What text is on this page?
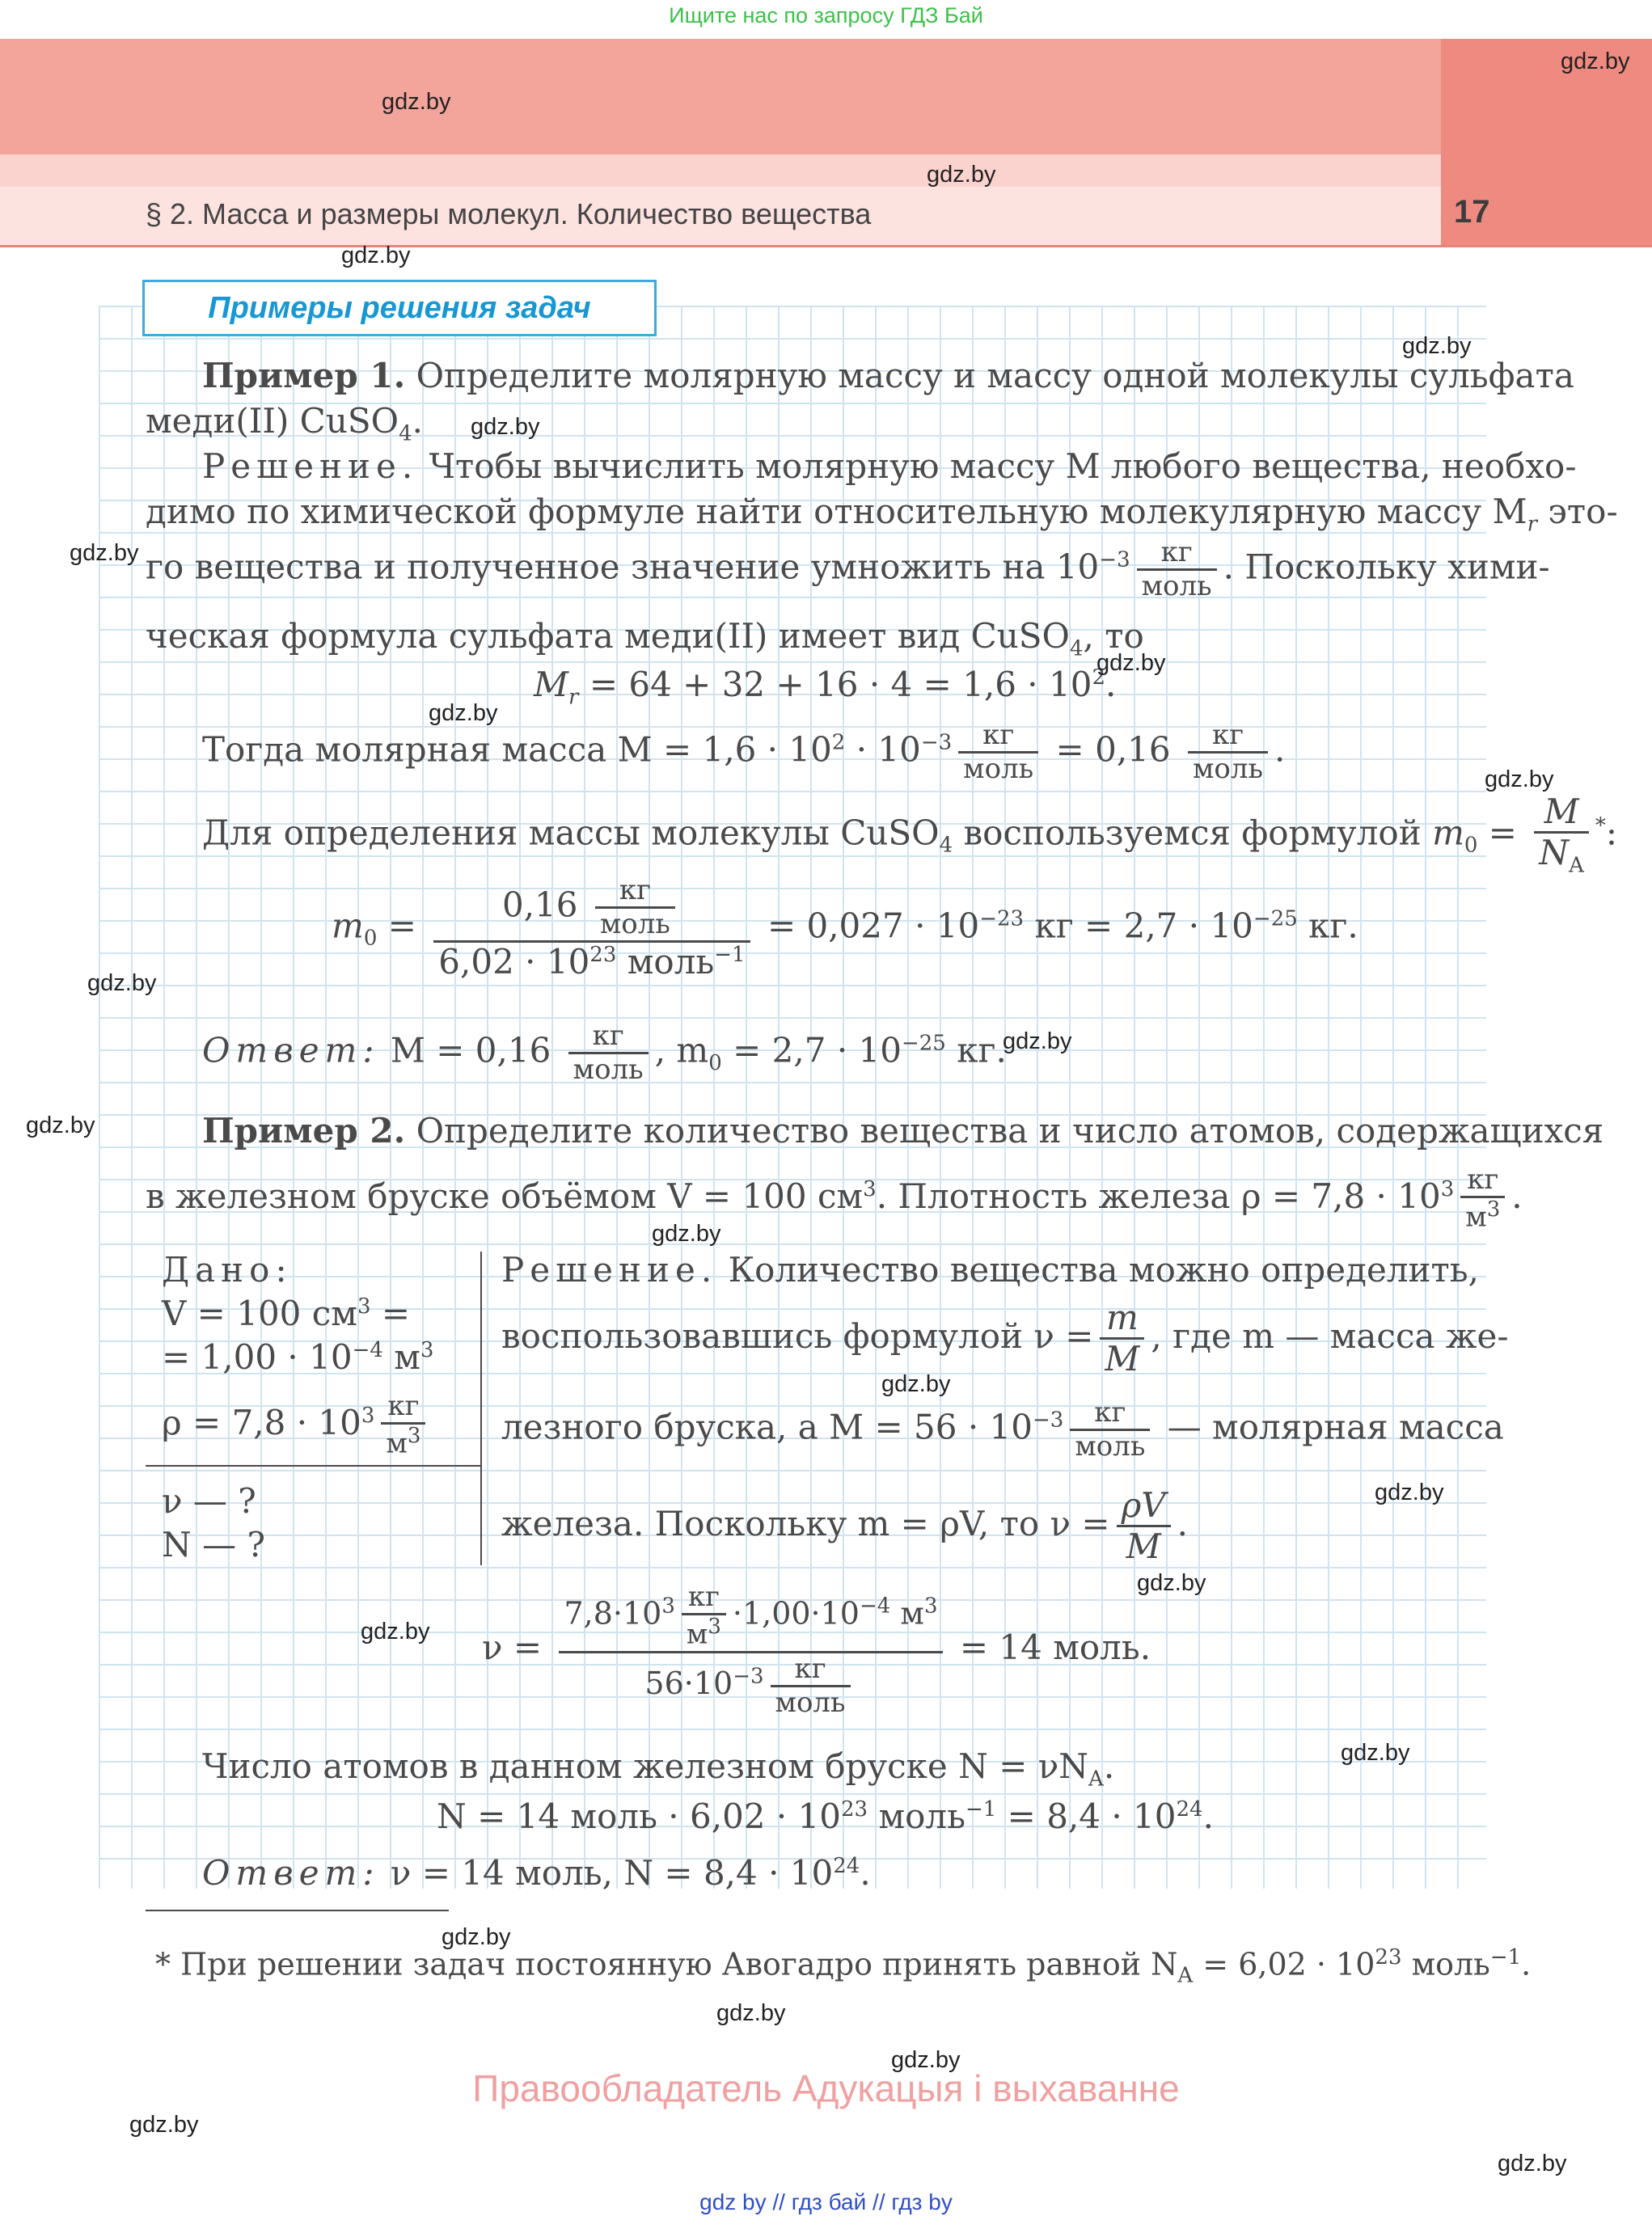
Ищите нас по запросу ГДЗ Бай
§ 2. Масса и размеры молекул. Количество вещества	17
Примеры решения задач
Пример 1. Определите молярную массу и массу одной молекулы сульфата
меди(II) CuSO$_4$.
Решение. Чтобы вычислить молярную массу M любого вещества, необхо-
димо по химической формуле найти относительную молекулярную массу $M_r$ это-
го вещества и полученное значение умножить на $10^{-3} \frac{кг}{\text{моль}}$ . Поскольку хими-
ческая формула сульфата меди(II) имеет вид CuSO$_4$, то
$M_r = 64 + 32 + 16 \cdot 4 = 1,6 \cdot 10^2$.
Тогда молярная масса $M = 1,6 \cdot 10^2 \cdot 10^{-3} \frac{кг}{\text{моль}} = 0,16 \frac{кг}{\text{моль}}$ .
Для определения массы молекулы CuSO$_4$ воспользуемся формулой $m_0 = \frac{M}{N_A} ^*$:
$m_0 = \frac{0,16 \frac{кг}{\text{моль}}}{6,02 \cdot 10^{23} моль^{-1}} = 0,027 \cdot 10^{-23}$ кг = $2,7 \cdot 10^{-25}$ кг.
Ответ: $M = 0,16 \frac{кг}{\text{моль}}$ , $m_0 = 2,7 \cdot 10^{-25}$ кг.
Пример 2. Определите количество вещества и число атомов, содержащихся
в железном бруске объёмом V = 100 $см^3$. Плотность железа $\rho = 7,8 \cdot 10^3 \frac{кг}{м^3}$ .
Дано:
V = 100 $см^3$ =
= $1,00 \cdot 10^{-4}$ $м^3$
$\rho = 7,8 \cdot 10^3 \frac{кг}{м^3}$
ν — ?
N — ?
Решение. Количество вещества можно определить,
воспользовавшись формулой $\nu = \frac{m}{M}$ , где m — масса же-
лезного бруска, а $M = 56 \cdot 10^{-3} \frac{кг}{\text{моль}}$ — молярная масса
железа. Поскольку m = ρV, то $\nu = \frac{\rho V}{M}$ .
$\nu = \frac{7,8\cdot 10^3 \frac{кг}{м^3} \cdot 1,00\cdot 10^{-4} м^3}{56\cdot 10^{-3} \frac{кг}{\text{моль}}} = 14$ моль.
Число атомов в данном железном бруске $N = \nu N_A$.
N = 14 моль · $6,02 \cdot 10^{23}$ моль$^{-1}$ = $8,4 \cdot 10^{24}$.
Ответ: ν = 14 моль, $N = 8,4 \cdot 10^{24}$.
* При решении задач постоянную Авогадро принять равной $N_A = 6,02 \cdot 10^{23}$ моль$^{-1}$.
gdz.by
gdz.by
gdz.by
gdz.by
gdz.by
gdz.by
gdz.by
gdz.by
gdz.by
gdz.by
gdz.by
gdz.by
gdz.by
gdz.by
gdz.by
gdz.by
gdz.by
gdz.by
gdz.by
gdz.by
gdz.by
gdz.by
gdz.by
gdz.by
Правообладатель Адукацыя і выхаванне
gdz by // гдз бай // гдз by
